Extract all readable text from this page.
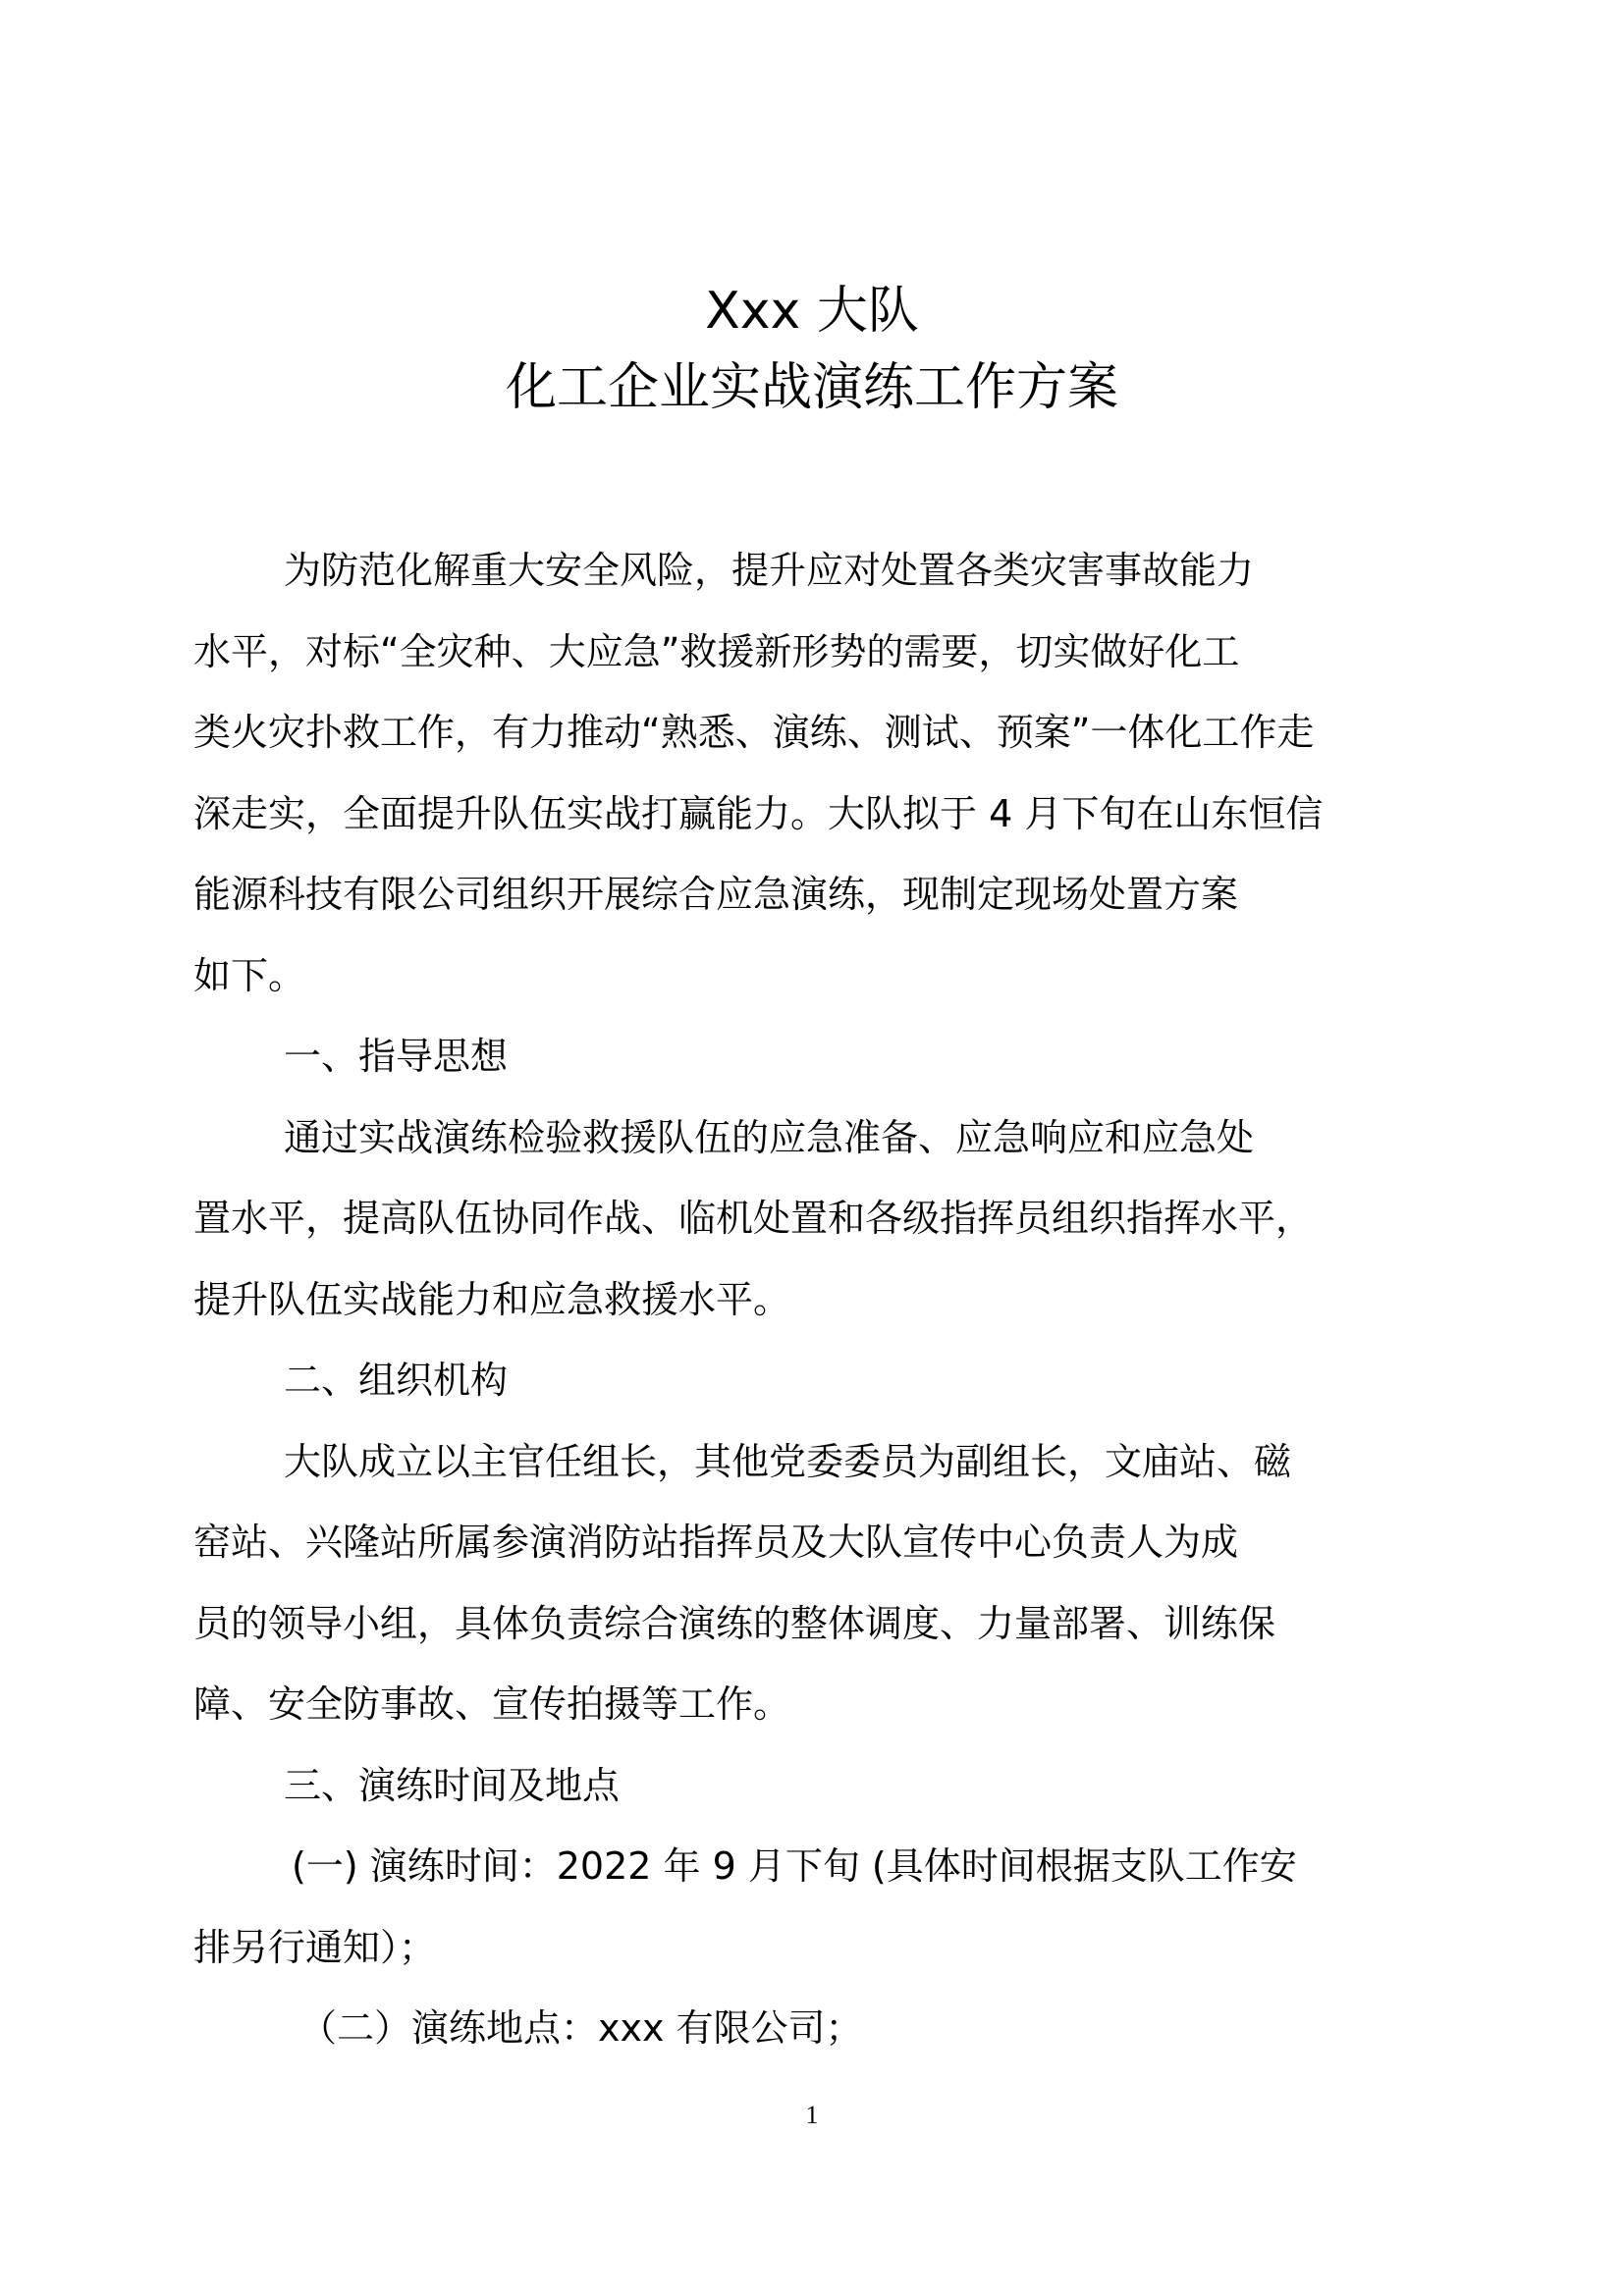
Xxx 大队
化工企业实战演练工作方案
为防范化解重大安全风险，提升应对处置各类灾害事故能力
水平，对标“全灾种、大应急”救援新形势的需要，切实做好化工
类火灾扑救工作，有力推动“熟悉、演练、测试、预案”一体化工作走
深走实，全面提升队伍实战打赢能力。大队拟于 4 月下旬在山东恒信
能源科技有限公司组织开展综合应急演练，现制定现场处置方案
如下。
一、指导思想
通过实战演练检验救援队伍的应急准备、应急响应和应急处
置水平，提高队伍协同作战、临机处置和各级指挥员组织指挥水平，
提升队伍实战能力和应急救援水平。
二、组织机构
大队成立以主官任组长，其他党委委员为副组长，文庙站、磁
窑站、兴隆站所属参演消防站指挥员及大队宣传中心负责人为成
员的领导小组，具体负责综合演练的整体调度、力量部署、训练保
障、安全防事故、宣传拍摄等工作。
三、演练时间及地点
(一) 演练时间：2022 年 9 月下旬 (具体时间根据支队工作安
排另行通知）；
（二）演练地点：xxx 有限公司；
1
